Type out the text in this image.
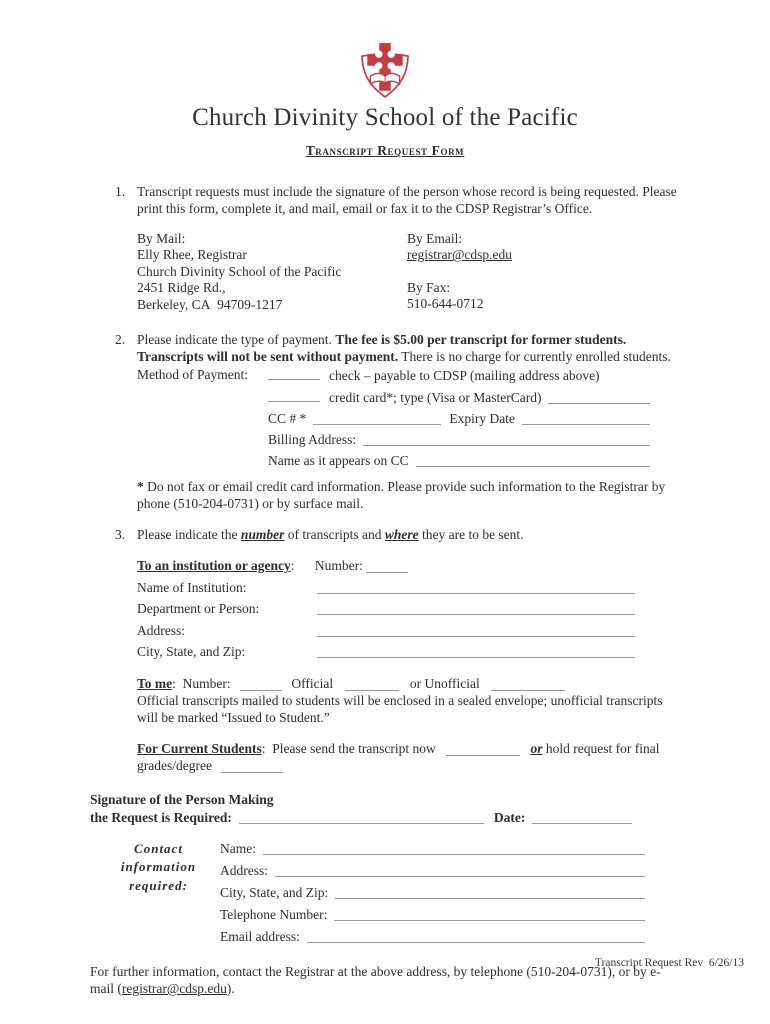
Church Divinity School of the Pacific
Transcript Request Form
1. Transcript requests must include the signature of the person whose record is being requested. Please print this form, complete it, and mail, email or fax it to the CDSP Registrar’s Office.
By Mail:
Elly Rhee, Registrar
Church Divinity School of the Pacific
2451 Ridge Rd.,
Berkeley, CA  94709-1217
By Email:
registrar@cdsp.edu
By Fax:
510-644-0712
2. Please indicate the type of payment. The fee is $5.00 per transcript for former students. Transcripts will not be sent without payment. There is no charge for currently enrolled students.
Method of Payment:	check – payable to CDSP (mailing address above)
credit card*; type (Visa or MasterCard)
CC # *	Expiry Date
Billing Address:
Name as it appears on CC
* Do not fax or email credit card information. Please provide such information to the Registrar by phone (510-204-0731) or by surface mail.
3. Please indicate the number of transcripts and where they are to be sent.
To an institution or agency: Number:
Name of Institution:
Department or Person:
Address:
City, State, and Zip:
To me:  Number:	Official	or Unofficial
Official transcripts mailed to students will be enclosed in a sealed envelope; unofficial transcripts will be marked “Issued to Student.”
For Current Students:  Please send the transcript now	or hold request for final grades/degree
Signature of the Person Making
the Request is Required:	Date:
Contact information
required:
Name:
Address:
City, State, and Zip:
Telephone Number:
Email address:
For further information, contact the Registrar at the above address, by telephone (510-204-0731), or by e-mail (registrar@cdsp.edu).
Transcript Request Rev  6/26/13
